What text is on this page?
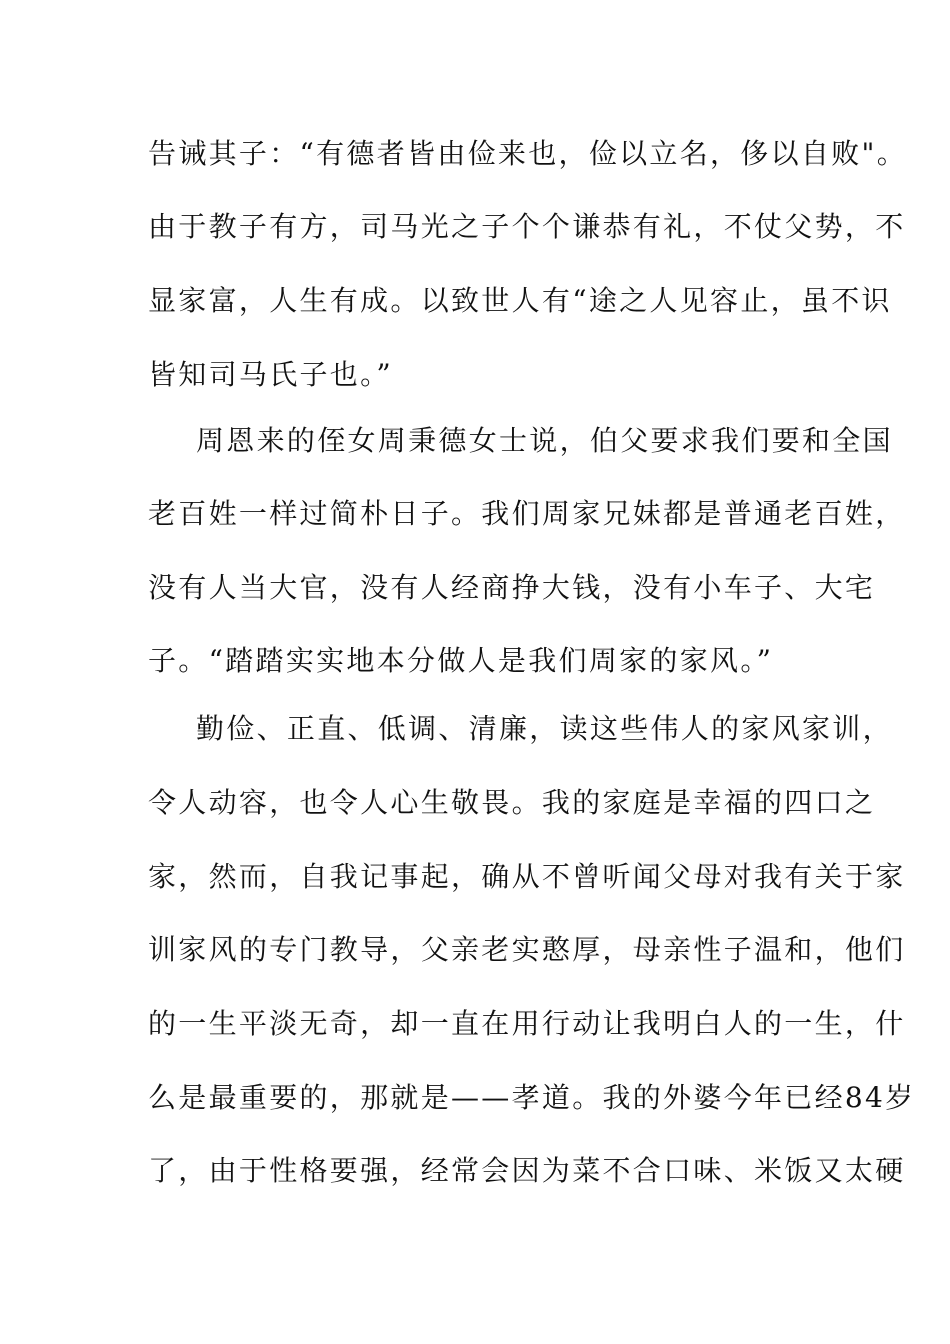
告诫其子：“有德者皆由俭来也，俭以立名，侈以自败"。
由于教子有方，司马光之子个个谦恭有礼，不仗父势，不
显家富，人生有成。以致世人有“途之人见容止，虽不识
皆知司马氏子也。”
周恩来的侄女周秉德女士说，伯父要求我们要和全国
老百姓一样过简朴日子。我们周家兄妹都是普通老百姓，
没有人当大官，没有人经商挣大钱，没有小车子、大宅
子。“踏踏实实地本分做人是我们周家的家风。”
勤俭、正直、低调、清廉，读这些伟人的家风家训，
令人动容，也令人心生敬畏。我的家庭是幸福的四口之
家，然而，自我记事起，确从不曾听闻父母对我有关于家
训家风的专门教导，父亲老实憨厚，母亲性子温和，他们
的一生平淡无奇，却一直在用行动让我明白人的一生，什
么是最重要的，那就是——孝道。我的外婆今年已经84岁
了，由于性格要强，经常会因为菜不合口味、米饭又太硬
